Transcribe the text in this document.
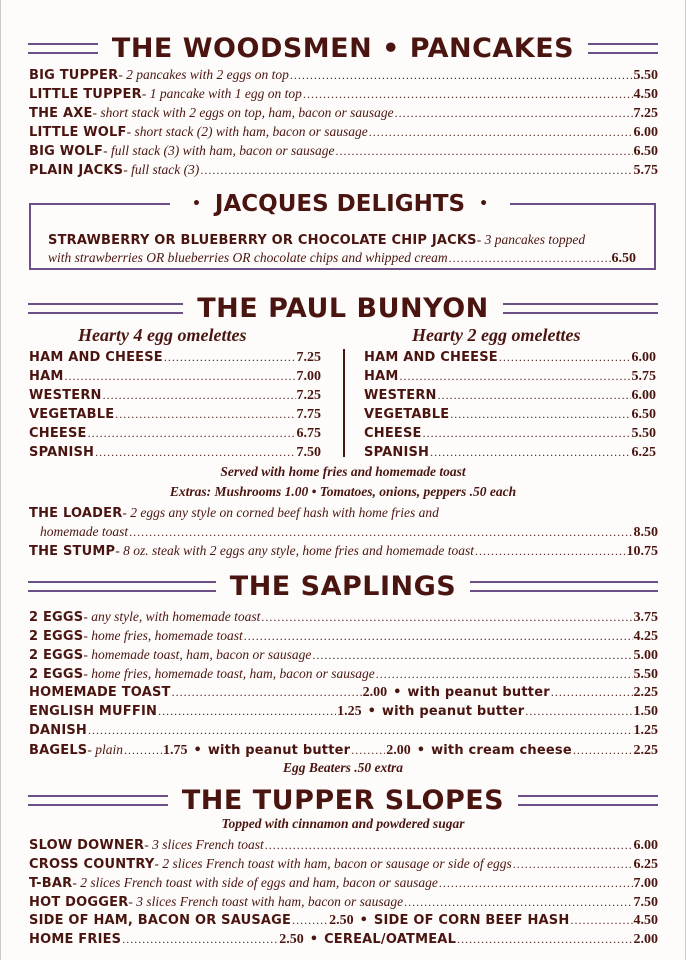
THE WOODSMEN • PANCAKES
BIG TUPPER - 2 pancakes with 2 eggs on top .....	5.50
LITTLE TUPPER - 1 pancake with 1 egg on top .....	4.50
THE AXE - short stack with 2 eggs on top, ham, bacon or sausage .....	7.25
LITTLE WOLF - short stack (2) with ham, bacon or sausage .....	6.00
BIG WOLF - full stack (3) with ham, bacon or sausage .....	6.50
PLAIN JACKS - full stack (3) .....	5.75
• JACQUES DELIGHTS •
STRAWBERRY OR BLUEBERRY OR CHOCOLATE CHIP JACKS - 3 pancakes topped
with strawberries OR blueberries OR chocolate chips and whipped cream .....	6.50
THE PAUL BUNYON
Hearty 4 egg omelettes	Hearty 2 egg omelettes
HAM AND CHEESE .....	7.25
HAM .....	7.00
WESTERN .....	7.25
VEGETABLE .....	7.75
CHEESE .....	6.75
SPANISH .....	7.50
HAM AND CHEESE .....	6.00
HAM .....	5.75
WESTERN .....	6.00
VEGETABLE .....	6.50
CHEESE .....	5.50
SPANISH .....	6.25
Served with home fries and homemade toast
Extras: Mushrooms 1.00 • Tomatoes, onions, peppers .50 each
THE LOADER - 2 eggs any style on corned beef hash with home fries and
homemade toast .....	8.50
THE STUMP - 8 oz. steak with 2 eggs any style, home fries and homemade toast .....	10.75
THE SAPLINGS
2 EGGS - any style, with homemade toast .....	3.75
2 EGGS - home fries, homemade toast .....	4.25
2 EGGS - homemade toast, ham, bacon or sausage .....	5.00
2 EGGS - home fries, homemade toast, ham, bacon or sausage .....	5.50
HOMEMADE TOAST .....	2.00 • with peanut butter .....	2.25
ENGLISH MUFFIN .....	1.25 • with peanut butter .....	1.50
DANISH .....	1.25
BAGELS - plain .....	1.75 • with peanut butter .....	2.00 • with cream cheese .....	2.25
Egg Beaters .50 extra
THE TUPPER SLOPES
Topped with cinnamon and powdered sugar
SLOW DOWNER - 3 slices French toast .....	6.00
CROSS COUNTRY - 2 slices French toast with ham, bacon or sausage or side of eggs .....	6.25
T-BAR - 2 slices French toast with side of eggs and ham, bacon or sausage .....	7.00
HOT DOGGER - 3 slices French toast with ham, bacon or sausage .....	7.50
SIDE OF HAM, BACON OR SAUSAGE .....	2.50 • SIDE OF CORN BEEF HASH .....	4.50
HOME FRIES .....	2.50 • CEREAL/OATMEAL .....	2.00
